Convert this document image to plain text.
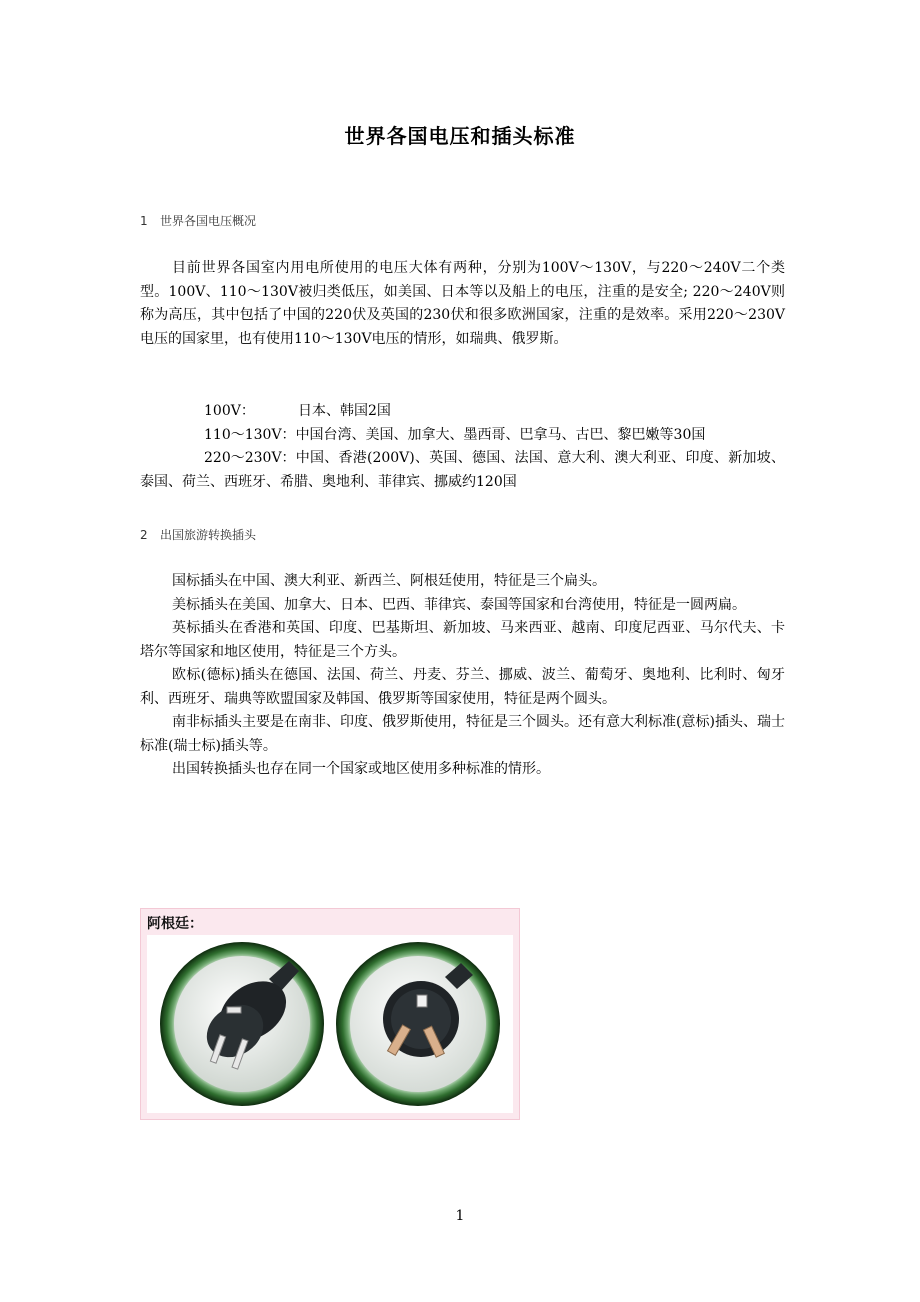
世界各国电压和插头标准
1 世界各国电压概况

目前世界各国室内用电所使用的电压大体有两种，分别为100V～130V，与220～240V二个类型。100V、110～130V被归类低压，如美国、日本等以及船上的电压，注重的是安全; 220～240V则称为高压，其中包括了中国的220伏及英国的230伏和很多欧洲国家，注重的是效率。采用220～230V电压的国家里，也有使用110～130V电压的情形，如瑞典、俄罗斯。

100V：	日本、韩国2国

110～130V：中国台湾、美国、加拿大、墨西哥、巴拿马、古巴、黎巴嫩等30国

220～230V：中国、香港(200V)、英国、德国、法国、意大利、澳大利亚、印度、新加坡、泰国、荷兰、西班牙、希腊、奥地利、菲律宾、挪威约120国

2 出国旅游转换插头

国标插头在中国、澳大利亚、新西兰、阿根廷使用，特征是三个扁头。

美标插头在美国、加拿大、日本、巴西、菲律宾、泰国等国家和台湾使用，特征是一圆两扁。

英标插头在香港和英国、印度、巴基斯坦、新加坡、马来西亚、越南、印度尼西亚、马尔代夫、卡塔尔等国家和地区使用，特征是三个方头。

欧标(德标)插头在德国、法国、荷兰、丹麦、芬兰、挪威、波兰、葡萄牙、奥地利、比利时、匈牙利、西班牙、瑞典等欧盟国家及韩国、俄罗斯等国家使用，特征是两个圆头。

南非标插头主要是在南非、印度、俄罗斯使用，特征是三个圆头。还有意大利标准(意标)插头、瑞士标准(瑞士标)插头等。

出国转换插头也存在同一个国家或地区使用多种标准的情形。

阿根廷：
1
